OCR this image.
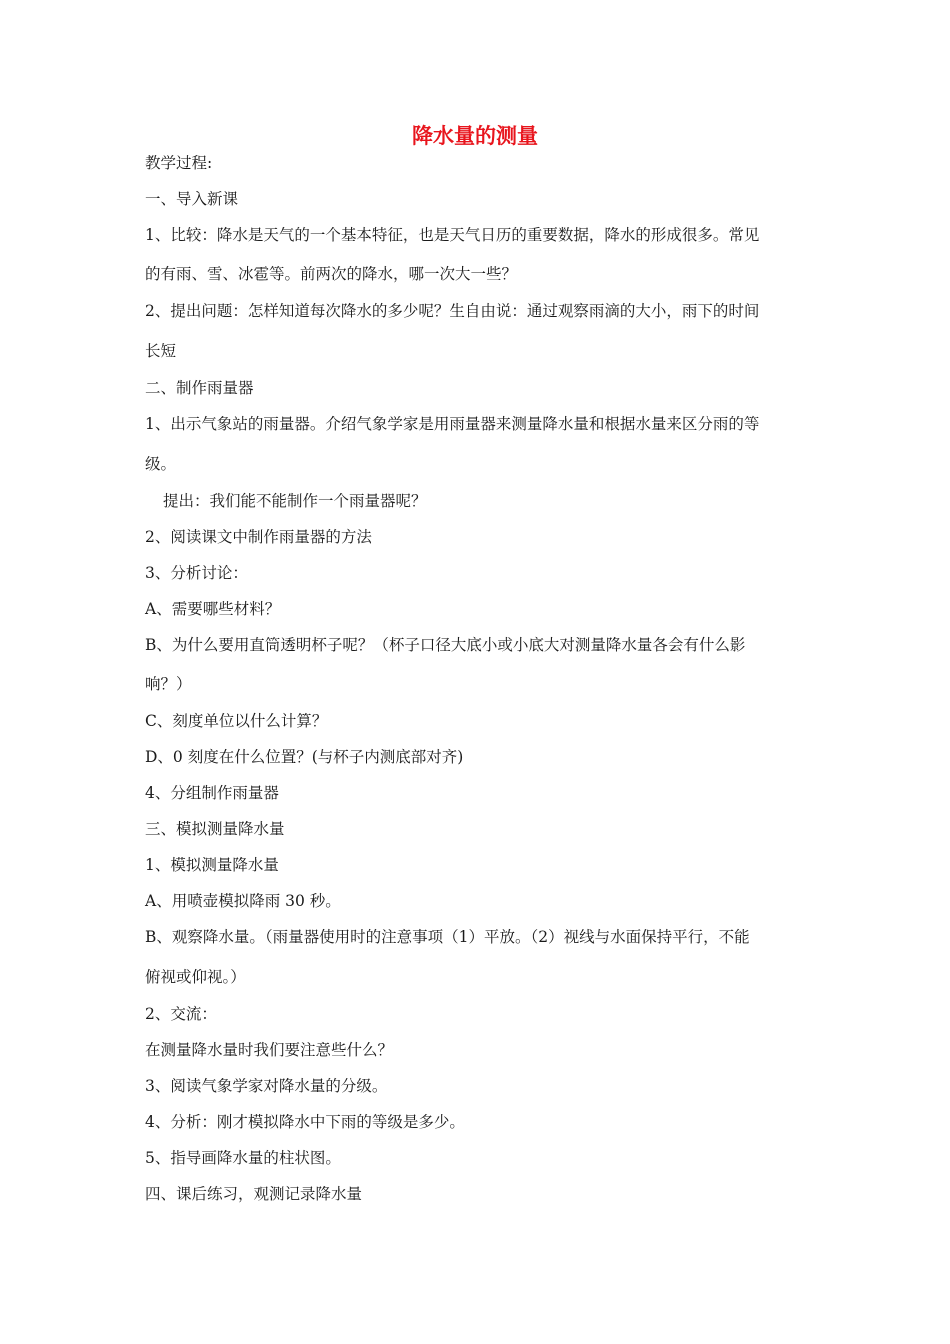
降水量的测量

教学过程:

一、导入新课

1、比较：降水是天气的一个基本特征，也是天气日历的重要数据，降水的形成很多。常见

的有雨、雪、冰雹等。前两次的降水，哪一次大一些？

2、提出问题：怎样知道每次降水的多少呢？生自由说：通过观察雨滴的大小，雨下的时间

长短

二、制作雨量器

1、出示气象站的雨量器。介绍气象学家是用雨量器来测量降水量和根据水量来区分雨的等

级。

提出：我们能不能制作一个雨量器呢？

2、阅读课文中制作雨量器的方法

3、分析讨论：

A、需要哪些材料？

B、为什么要用直筒透明杯子呢？（杯子口径大底小或小底大对测量降水量各会有什么影

响？）

C、刻度单位以什么计算？

D、0 刻度在什么位置？(与杯子内测底部对齐)

4、分组制作雨量器

三、模拟测量降水量

1、模拟测量降水量

A、用喷壶模拟降雨 30 秒。

B、观察降水量。（雨量器使用时的注意事项（1）平放。（2）视线与水面保持平行，不能

俯视或仰视。）

2、交流：

在测量降水量时我们要注意些什么？

3、阅读气象学家对降水量的分级。

4、分析：刚才模拟降水中下雨的等级是多少。

5、指导画降水量的柱状图。

四、课后练习，观测记录降水量
